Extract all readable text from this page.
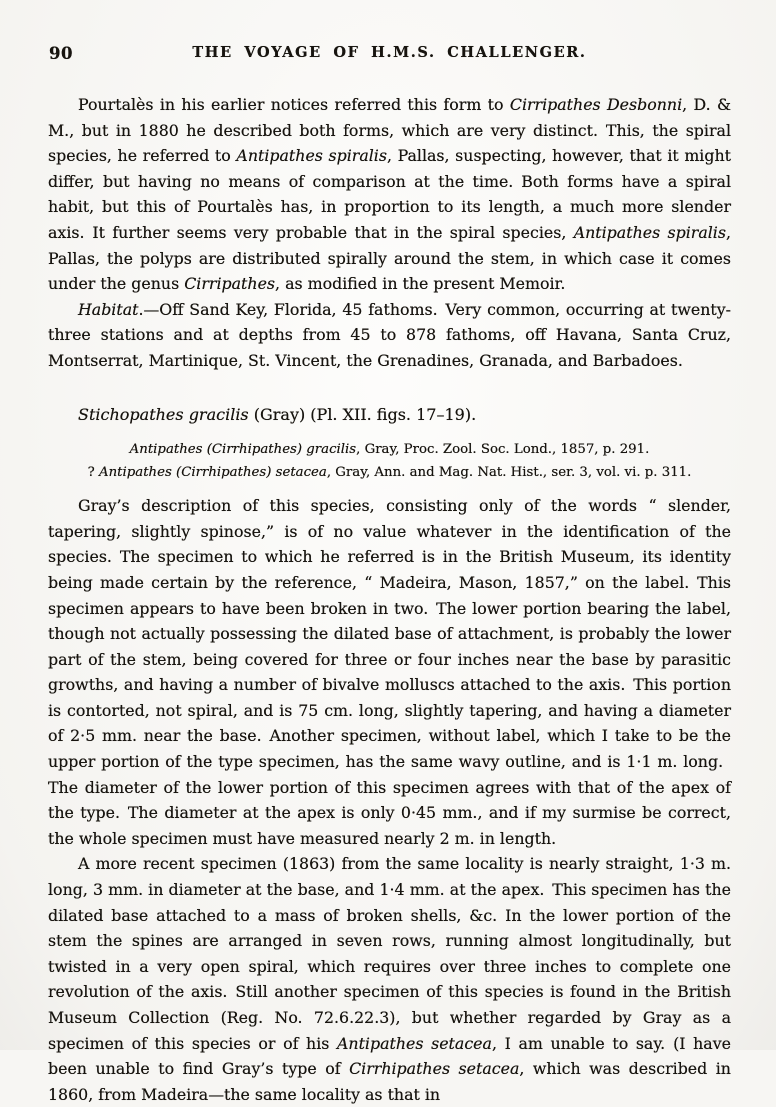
90	THE VOYAGE OF H.M.S. CHALLENGER.

Pourtalès in his earlier notices referred this form to Cirripathes Desbonni, D. & M., but in 1880 he described both forms, which are very distinct. This, the spiral species, he referred to Antipathes spiralis, Pallas, suspecting, however, that it might differ, but having no means of comparison at the time. Both forms have a spiral habit, but this of Pourtalès has, in proportion to its length, a much more slender axis. It further seems very probable that in the spiral species, Antipathes spiralis, Pallas, the polyps are distributed spirally around the stem, in which case it comes under the genus Cirripathes, as modified in the present Memoir.

Habitat.—Off Sand Key, Florida, 45 fathoms. Very common, occurring at twenty-three stations and at depths from 45 to 878 fathoms, off Havana, Santa Cruz, Montserrat, Martinique, St. Vincent, the Grenadines, Granada, and Barbadoes.

Stichopathes gracilis (Gray) (Pl. XII. figs. 17–19).

Antipathes (Cirrhipathes) gracilis, Gray, Proc. Zool. Soc. Lond., 1857, p. 291.

? Antipathes (Cirrhipathes) setacea, Gray, Ann. and Mag. Nat. Hist., ser. 3, vol. vi. p. 311.

Gray’s description of this species, consisting only of the words “ slender, tapering, slightly spinose,” is of no value whatever in the identification of the species. The specimen to which he referred is in the British Museum, its identity being made certain by the reference, “ Madeira, Mason, 1857,” on the label. This specimen appears to have been broken in two. The lower portion bearing the label, though not actually possessing the dilated base of attachment, is probably the lower part of the stem, being covered for three or four inches near the base by parasitic growths, and having a number of bivalve molluscs attached to the axis. This portion is contorted, not spiral, and is 75 cm. long, slightly tapering, and having a diameter of 2·5 mm. near the base. Another specimen, without label, which I take to be the upper portion of the type specimen, has the same wavy outline, and is 1·1 m. long. The diameter of the lower portion of this specimen agrees with that of the apex of the type. The diameter at the apex is only 0·45 mm., and if my surmise be correct, the whole specimen must have measured nearly 2 m. in length.

A more recent specimen (1863) from the same locality is nearly straight, 1·3 m. long, 3 mm. in diameter at the base, and 1·4 mm. at the apex. This specimen has the dilated base attached to a mass of broken shells, &c. In the lower portion of the stem the spines are arranged in seven rows, running almost longitudinally, but twisted in a very open spiral, which requires over three inches to complete one revolution of the axis. Still another specimen of this species is found in the British Museum Collection (Reg. No. 72.6.22.3), but whether regarded by Gray as a specimen of this species or of his Antipathes setacea, I am unable to say. (I have been unable to find Gray’s type of Cirrhipathes setacea, which was described in 1860, from Madeira—the same locality as that in
